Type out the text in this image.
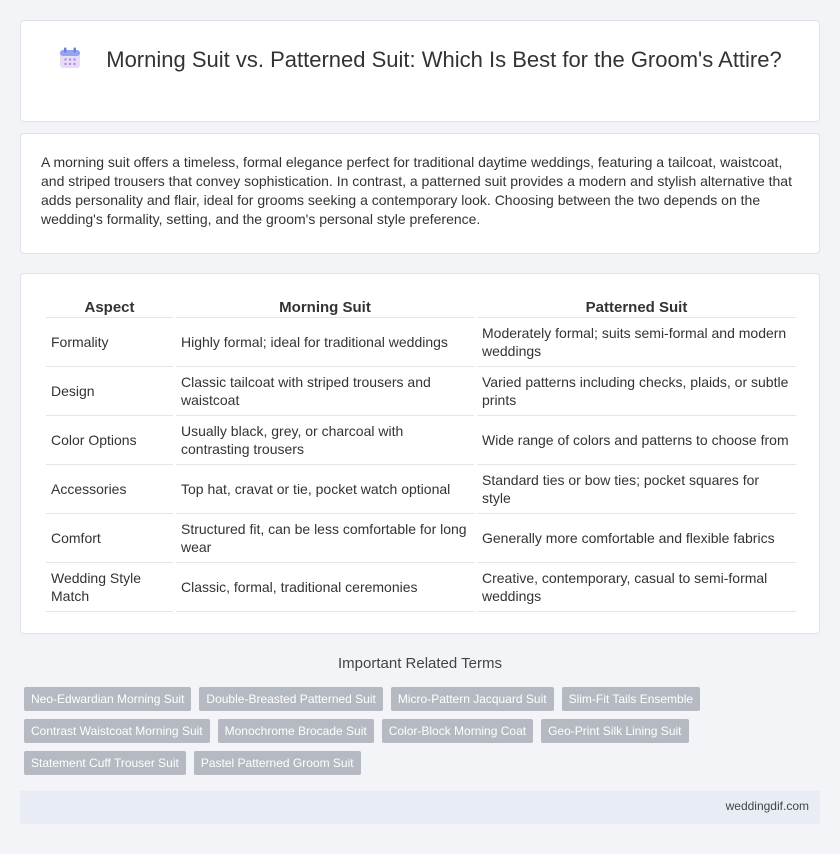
Morning Suit vs. Patterned Suit: Which Is Best for the Groom's Attire?

A morning suit offers a timeless, formal elegance perfect for traditional daytime weddings, featuring a tailcoat, waistcoat, and striped trousers that convey sophistication. In contrast, a patterned suit provides a modern and stylish alternative that adds personality and flair, ideal for grooms seeking a contemporary look. Choosing between the two depends on the wedding's formality, setting, and the groom's personal style preference.

Aspect	Morning Suit	Patterned Suit
Formality	Highly formal; ideal for traditional weddings	Moderately formal; suits semi-formal and modern weddings
Design	Classic tailcoat with striped trousers and waistcoat	Varied patterns including checks, plaids, or subtle prints
Color Options	Usually black, grey, or charcoal with contrasting trousers	Wide range of colors and patterns to choose from
Accessories	Top hat, cravat or tie, pocket watch optional	Standard ties or bow ties; pocket squares for style
Comfort	Structured fit, can be less comfortable for long wear	Generally more comfortable and flexible fabrics
Wedding Style Match	Classic, formal, traditional ceremonies	Creative, contemporary, casual to semi-formal weddings
Important Related Terms
Neo-Edwardian Morning Suit	Double-Breasted Patterned Suit	Micro-Pattern Jacquard Suit	Slim-Fit Tails Ensemble
Contrast Waistcoat Morning Suit	Monochrome Brocade Suit	Color-Block Morning Coat	Geo-Print Silk Lining Suit
Statement Cuff Trouser Suit	Pastel Patterned Groom Suit
weddingdif.com
